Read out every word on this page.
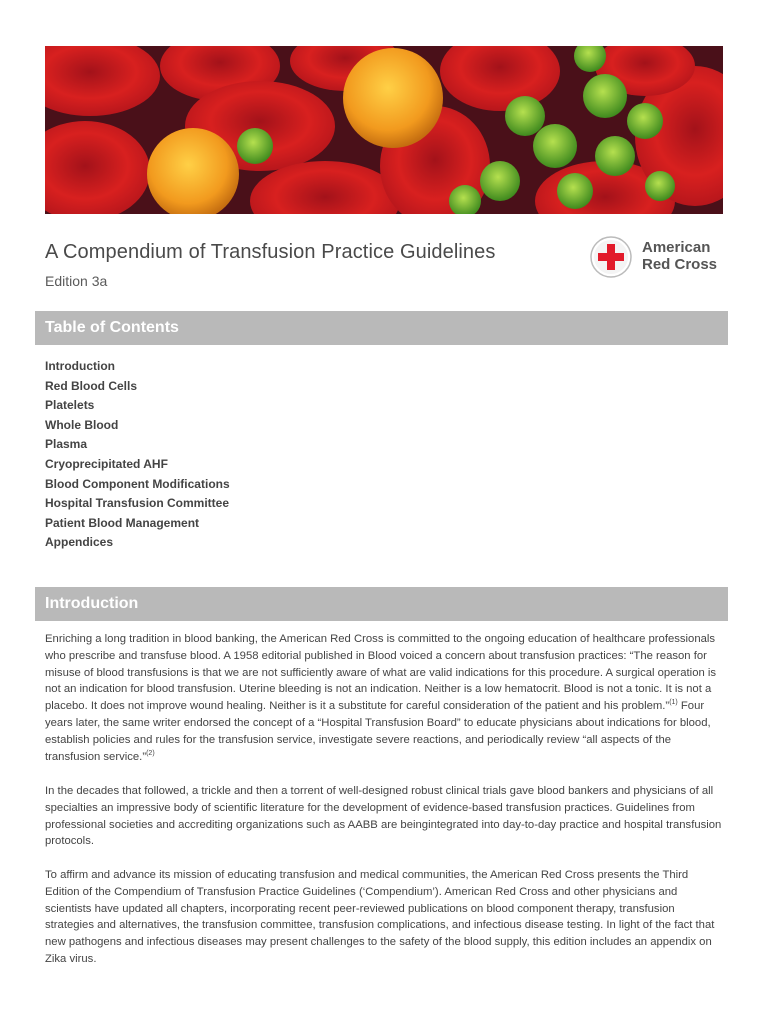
A Compendium of Transfusion Practice Guidelines
Edition 3a
American
Red Cross
Table of Contents
Introduction
Red Blood Cells
Platelets
Whole Blood
Plasma
Cryoprecipitated AHF
Blood Component Modifications
Hospital Transfusion Committee
Patient Blood Management
Appendices
Introduction

Enriching a long tradition in blood banking, the American Red Cross is committed to the ongoing education of healthcare professionals who prescribe and transfuse blood. A 1958 editorial published in Blood voiced a concern about transfusion practices: “The reason for misuse of blood transfusions is that we are not sufficiently aware of what are valid indications for this procedure. A surgical operation is not an indication for blood transfusion. Uterine bleeding is not an indication. Neither is a low hematocrit. Blood is not a tonic. It is not a placebo. It does not improve wound healing. Neither is it a substitute for careful consideration of the patient and his problem.”$^{(1)}$ Four years later, the same writer endorsed the concept of a “Hospital Transfusion Board” to educate physicians about indications for blood, establish policies and rules for the transfusion service, investigate severe reactions, and periodically review “all aspects of the transfusion service.”$^{(2)}$

In the decades that followed, a trickle and then a torrent of well-designed robust clinical trials gave blood bankers and physicians of all specialties an impressive body of scientific literature for the development of evidence-based transfusion practices. Guidelines from professional societies and accrediting organizations such as AABB are beingintegrated into day-to-day practice and hospital transfusion protocols.

To affirm and advance its mission of educating transfusion and medical communities, the American Red Cross presents the Third Edition of the Compendium of Transfusion Practice Guidelines (‘Compendium’). American Red Cross and other physicians and scientists have updated all chapters, incorporating recent peer-reviewed publications on blood component therapy, transfusion strategies and alternatives, the transfusion committee, transfusion complications, and infectious disease testing. In light of the fact that new pathogens and infectious diseases may present challenges to the safety of the blood supply, this edition includes an appendix on Zika virus.
